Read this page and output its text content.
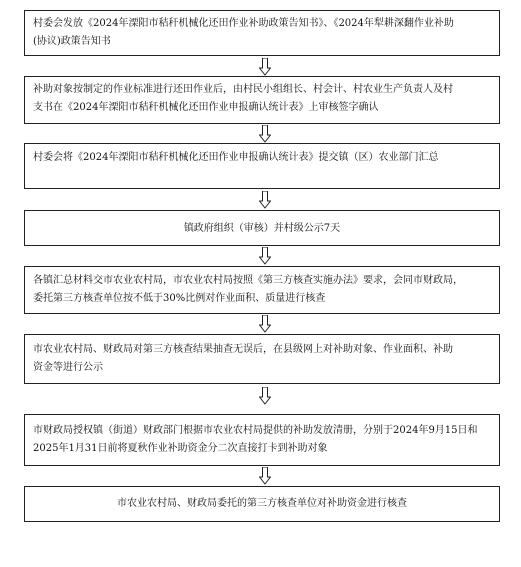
村委会发放《2024年溧阳市秸秆机械化还田作业补助政策告知书》、《2024年犁耕深翻作业补助
(协议)政策告知书
补助对象按制定的作业标准进行还田作业后，由村民小组组长、村会计、村农业生产负责人及村
支书在《2024年溧阳市秸秆机械化还田作业申报确认统计表》上审核签字确认
村委会将《2024年溧阳市秸秆机械化还田作业申报确认统计表》提交镇（区）农业部门汇总
镇政府组织（审核）并村级公示7天
各镇汇总材料交市农业农村局，市农业农村局按照《第三方核查实施办法》要求，会同市财政局，
委托第三方核查单位按不低于30%比例对作业面积、质量进行核查
市农业农村局、财政局对第三方核查结果抽查无误后，在县级网上对补助对象、作业面积、补助
资金等进行公示
市财政局授权镇（街道）财政部门根据市农业农村局提供的补助发放清册，分别于2024年9月15日和
2025年1月31日前将夏秋作业补助资金分二次直接打卡到补助对象
市农业农村局、财政局委托的第三方核查单位对补助资金进行核查
